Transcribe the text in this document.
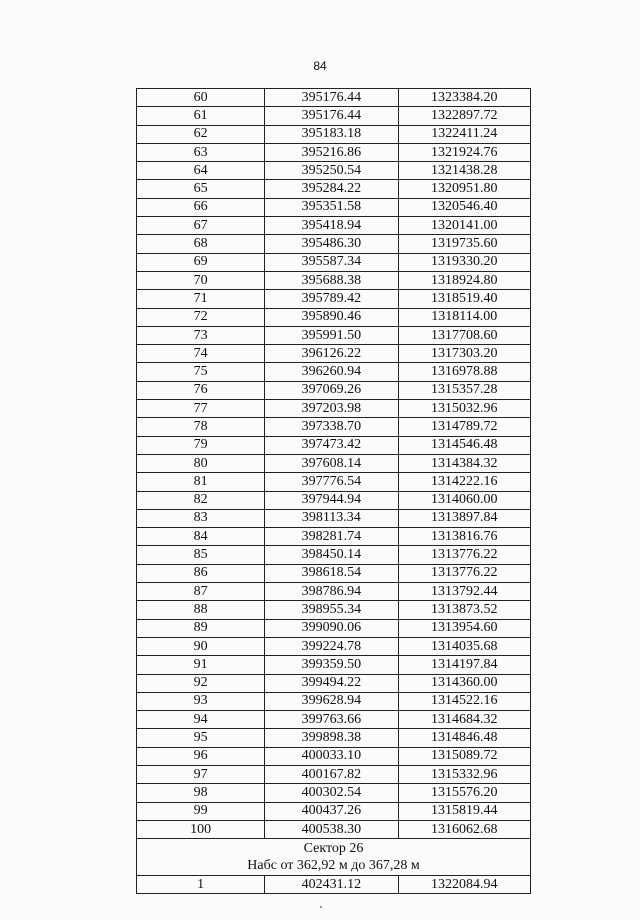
84
60	395176.44	1323384.20
61	395176.44	1322897.72
62	395183.18	1322411.24
63	395216.86	1321924.76
64	395250.54	1321438.28
65	395284.22	1320951.80
66	395351.58	1320546.40
67	395418.94	1320141.00
68	395486.30	1319735.60
69	395587.34	1319330.20
70	395688.38	1318924.80
71	395789.42	1318519.40
72	395890.46	1318114.00
73	395991.50	1317708.60
74	396126.22	1317303.20
75	396260.94	1316978.88
76	397069.26	1315357.28
77	397203.98	1315032.96
78	397338.70	1314789.72
79	397473.42	1314546.48
80	397608.14	1314384.32
81	397776.54	1314222.16
82	397944.94	1314060.00
83	398113.34	1313897.84
84	398281.74	1313816.76
85	398450.14	1313776.22
86	398618.54	1313776.22
87	398786.94	1313792.44
88	398955.34	1313873.52
89	399090.06	1313954.60
90	399224.78	1314035.68
91	399359.50	1314197.84
92	399494.22	1314360.00
93	399628.94	1314522.16
94	399763.66	1314684.32
95	399898.38	1314846.48
96	400033.10	1315089.72
97	400167.82	1315332.96
98	400302.54	1315576.20
99	400437.26	1315819.44
100	400538.30	1316062.68

Сектор 26
Набс от 362,92 м до 367,28 м		

1	402431.12	1322084.94
